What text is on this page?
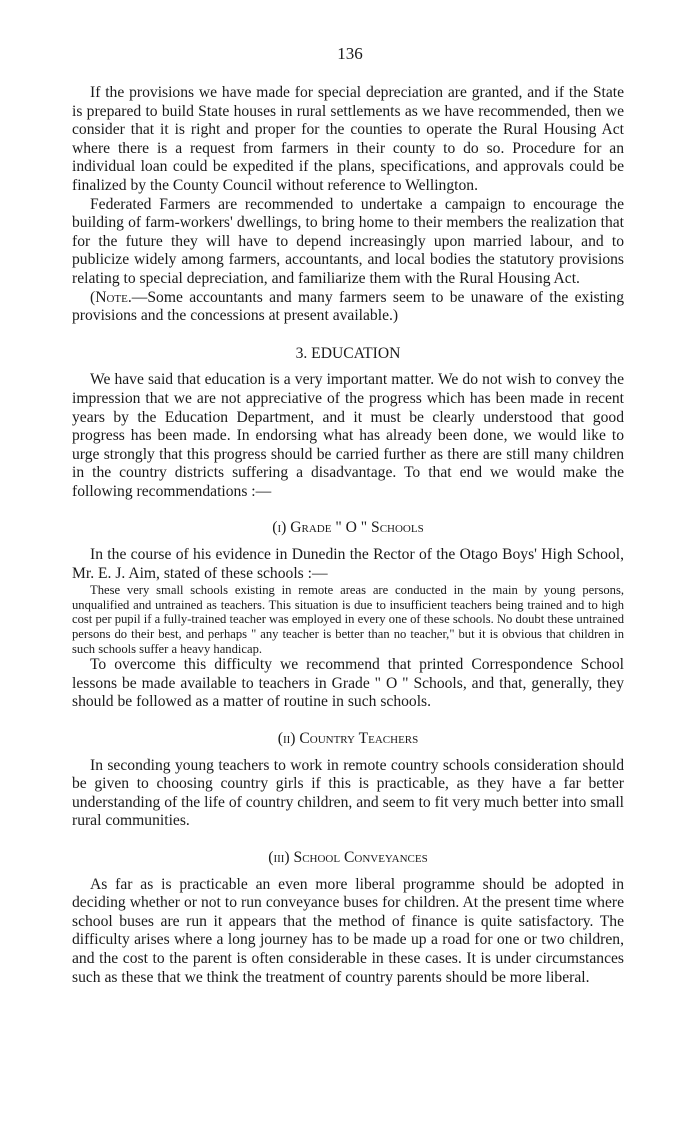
136

If the provisions we have made for special depreciation are granted, and if the State is prepared to build State houses in rural settlements as we have recommended, then we consider that it is right and proper for the counties to operate the Rural Housing Act where there is a request from farmers in their county to do so. Procedure for an individual loan could be expedited if the plans, specifications, and approvals could be finalized by the County Council without reference to Wellington.

Federated Farmers are recommended to undertake a campaign to encourage the building of farm-workers' dwellings, to bring home to their members the realization that for the future they will have to depend increasingly upon married labour, and to publicize widely among farmers, accountants, and local bodies the statutory provisions relating to special depreciation, and familiarize them with the Rural Housing Act.

(Note.—Some accountants and many farmers seem to be unaware of the existing provisions and the concessions at present available.)

3. EDUCATION

We have said that education is a very important matter. We do not wish to convey the impression that we are not appreciative of the progress which has been made in recent years by the Education Department, and it must be clearly understood that good progress has been made. In endorsing what has already been done, we would like to urge strongly that this progress should be carried further as there are still many children in the country districts suffering a disadvantage. To that end we would make the following recommendations :—

(i) Grade " O " Schools

In the course of his evidence in Dunedin the Rector of the Otago Boys' High School, Mr. E. J. Aim, stated of these schools :—

These very small schools existing in remote areas are conducted in the main by young persons, unqualified and untrained as teachers. This situation is due to insufficient teachers being trained and to high cost per pupil if a fully-trained teacher was employed in every one of these schools. No doubt these untrained persons do their best, and perhaps " any teacher is better than no teacher," but it is obvious that children in such schools suffer a heavy handicap.

To overcome this difficulty we recommend that printed Correspondence School lessons be made available to teachers in Grade " O " Schools, and that, generally, they should be followed as a matter of routine in such schools.

(ii) Country Teachers

In seconding young teachers to work in remote country schools consideration should be given to choosing country girls if this is practicable, as they have a far better understanding of the life of country children, and seem to fit very much better into small rural communities.

(iii) School Conveyances

As far as is practicable an even more liberal programme should be adopted in deciding whether or not to run conveyance buses for children. At the present time where school buses are run it appears that the method of finance is quite satisfactory. The difficulty arises where a long journey has to be made up a road for one or two children, and the cost to the parent is often considerable in these cases. It is under circumstances such as these that we think the treatment of country parents should be more liberal.
